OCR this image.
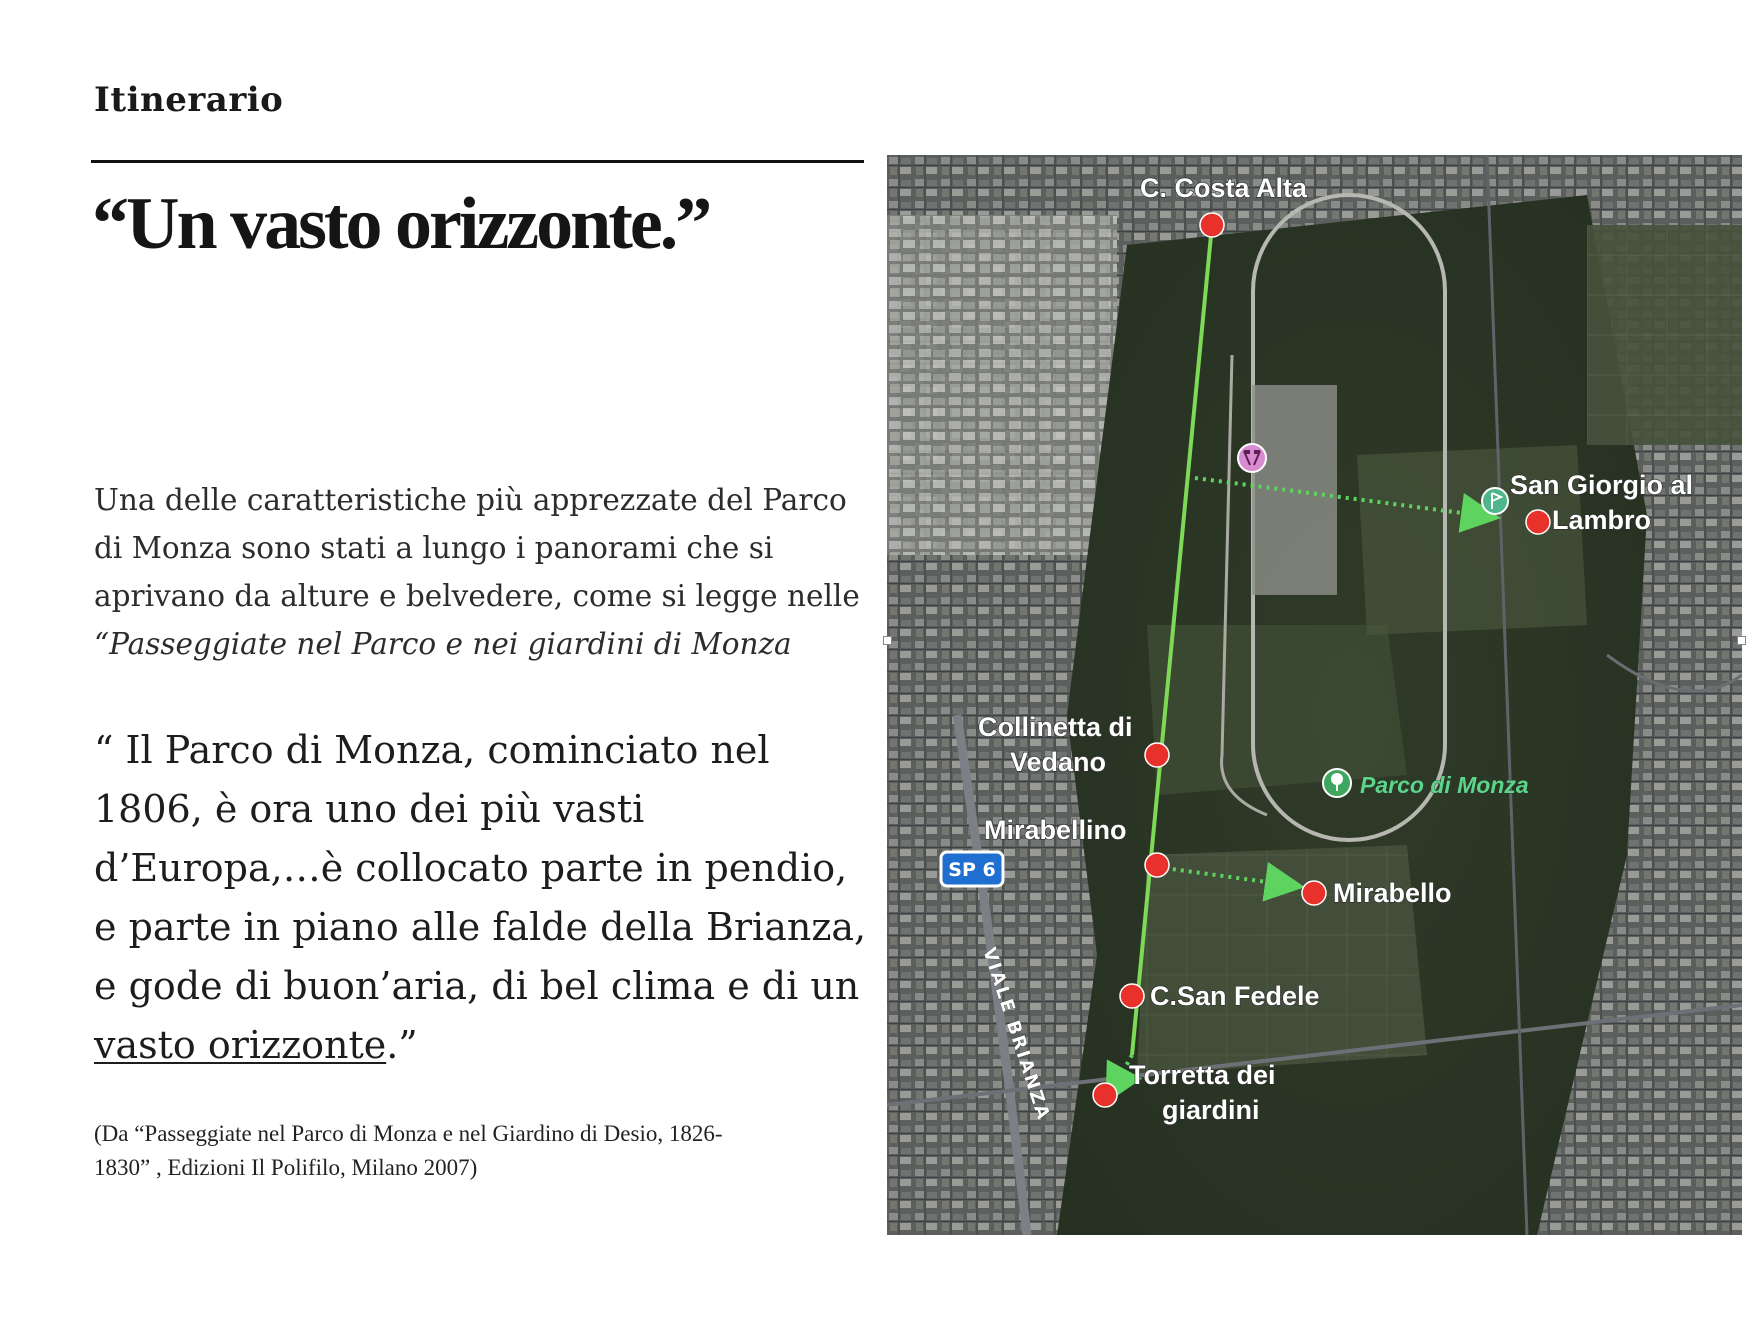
Itinerario
“Un vasto orizzonte.”
Una delle caratteristiche più apprezzate del Parco
di Monza sono stati a lungo i panorami che si
aprivano da alture e belvedere, come si legge nelle
“Passeggiate nel Parco e nei giardini di Monza
“ Il Parco di Monza, cominciato nel
1806, è ora uno dei più vasti
d’Europa,…è collocato parte in pendio,
e parte in piano alle falde della Brianza,
e gode di buon’aria, di bel clima e di un
vasto orizzonte.”
(Da “Passeggiate nel Parco di Monza e nel Giardino di Desio, 1826-
1830” , Edizioni Il Polifilo, Milano 2007)
SP 6
VIALE BRIANZA
C. Costa Alta
San Giorgio al
Lambro
Collinetta di
Vedano
Mirabellino
Mirabello
C.San Fedele
Torretta dei
giardini
Parco di Monza
